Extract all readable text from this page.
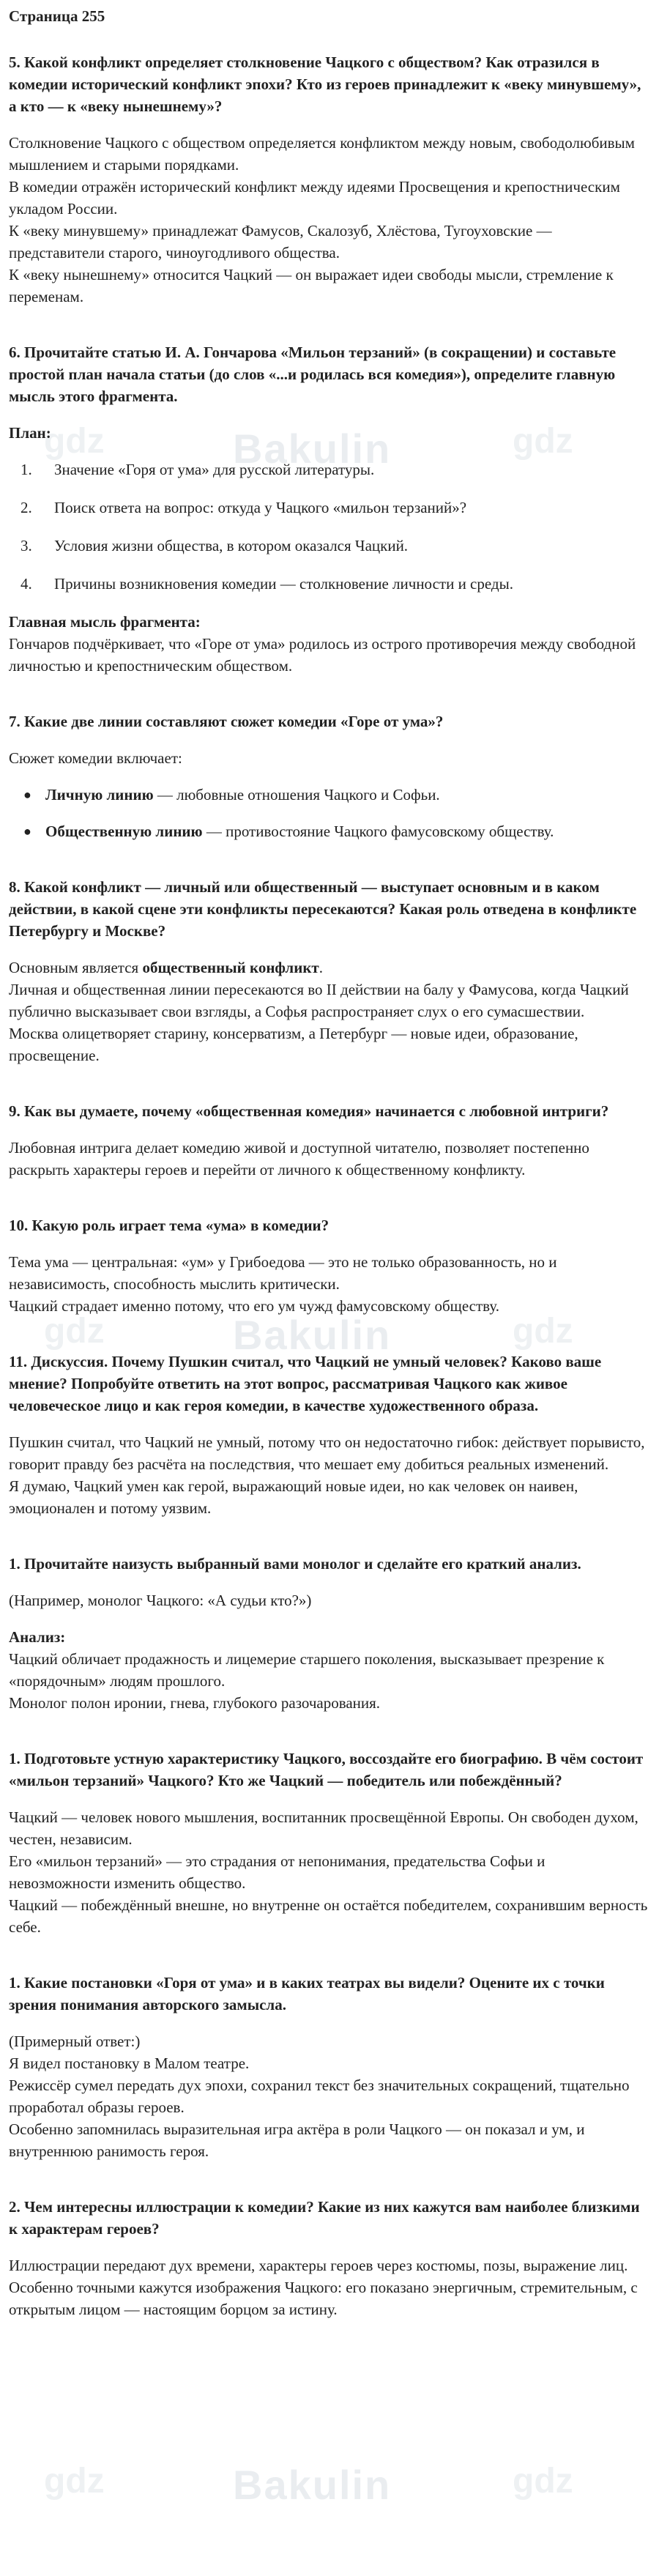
Bakulin
gdz	gdz
Bakulin
gdz	gdz
Bakulin
gdz	gdz
Страница 255

5. Какой конфликт определяет столкновение Чацкого с обществом? Как отразился в комедии исторический конфликт эпохи? Кто из героев принадлежит к «веку минувшему», а кто — к «веку нынешнему»?

Столкновение Чацкого с обществом определяется конфликтом между новым, свободолюбивым мышлением и старыми порядками.
В комедии отражён исторический конфликт между идеями Просвещения и крепостническим укладом России.
К «веку минувшему» принадлежат Фамусов, Скалозуб, Хлёстова, Тугоуховские — представители старого, чиноугодливого общества.
К «веку нынешнему» относится Чацкий — он выражает идеи свободы мысли, стремление к переменам.

6. Прочитайте статью И. А. Гончарова «Мильон терзаний» (в сокращении) и составьте простой план начала статьи (до слов «...и родилась вся комедия»), определите главную мысль этого фрагмента.

План:

1.	Значение «Горя от ума» для русской литературы.
2.	Поиск ответа на вопрос: откуда у Чацкого «мильон терзаний»?
3.	Условия жизни общества, в котором оказался Чацкий.
4.	Причины возникновения комедии — столкновение личности и среды.

Главная мысль фрагмента:

Гончаров подчёркивает, что «Горе от ума» родилось из острого противоречия между свободной личностью и крепостническим обществом.

7. Какие две линии составляют сюжет комедии «Горе от ума»?

Сюжет комедии включает:

● Личную линию — любовные отношения Чацкого и Софьи.
● Общественную линию — противостояние Чацкого фамусовскому обществу.

8. Какой конфликт — личный или общественный — выступает основным и в каком действии, в какой сцене эти конфликты пересекаются? Какая роль отведена в конфликте Петербургу и Москве?

Основным является общественный конфликт.
Личная и общественная линии пересекаются во II действии на балу у Фамусова, когда Чацкий публично высказывает свои взгляды, а Софья распространяет слух о его сумасшествии.
Москва олицетворяет старину, консерватизм, а Петербург — новые идеи, образование, просвещение.

9. Как вы думаете, почему «общественная комедия» начинается с любовной интриги?

Любовная интрига делает комедию живой и доступной читателю, позволяет постепенно раскрыть характеры героев и перейти от личного к общественному конфликту.

10. Какую роль играет тема «ума» в комедии?

Тема ума — центральная: «ум» у Грибоедова — это не только образованность, но и независимость, способность мыслить критически.
Чацкий страдает именно потому, что его ум чужд фамусовскому обществу.

11. Дискуссия. Почему Пушкин считал, что Чацкий не умный человек? Каково ваше мнение? Попробуйте ответить на этот вопрос, рассматривая Чацкого как живое человеческое лицо и как героя комедии, в качестве художественного образа.

Пушкин считал, что Чацкий не умный, потому что он недостаточно гибок: действует порывисто, говорит правду без расчёта на последствия, что мешает ему добиться реальных изменений.
Я думаю, Чацкий умен как герой, выражающий новые идеи, но как человек он наивен, эмоционален и потому уязвим.

1. Прочитайте наизусть выбранный вами монолог и сделайте его краткий анализ.

(Например, монолог Чацкого: «А судьи кто?»)

Анализ:

Чацкий обличает продажность и лицемерие старшего поколения, высказывает презрение к «порядочным» людям прошлого.
Монолог полон иронии, гнева, глубокого разочарования.

1. Подготовьте устную характеристику Чацкого, воссоздайте его биографию. В чём состоит «мильон терзаний» Чацкого? Кто же Чацкий — победитель или побеждённый?

Чацкий — человек нового мышления, воспитанник просвещённой Европы. Он свободен духом, честен, независим.
Его «мильон терзаний» — это страдания от непонимания, предательства Софьи и невозможности изменить общество.
Чацкий — побеждённый внешне, но внутренне он остаётся победителем, сохранившим верность себе.

1. Какие постановки «Горя от ума» и в каких театрах вы видели? Оцените их с точки зрения понимания авторского замысла.

(Примерный ответ:)
Я видел постановку в Малом театре.
Режиссёр сумел передать дух эпохи, сохранил текст без значительных сокращений, тщательно проработал образы героев.
Особенно запомнилась выразительная игра актёра в роли Чацкого — он показал и ум, и внутреннюю ранимость героя.

2. Чем интересны иллюстрации к комедии? Какие из них кажутся вам наиболее близкими к характерам героев?

Иллюстрации передают дух времени, характеры героев через костюмы, позы, выражение лиц.
Особенно точными кажутся изображения Чацкого: его показано энергичным, стремительным, с открытым лицом — настоящим борцом за истину.
